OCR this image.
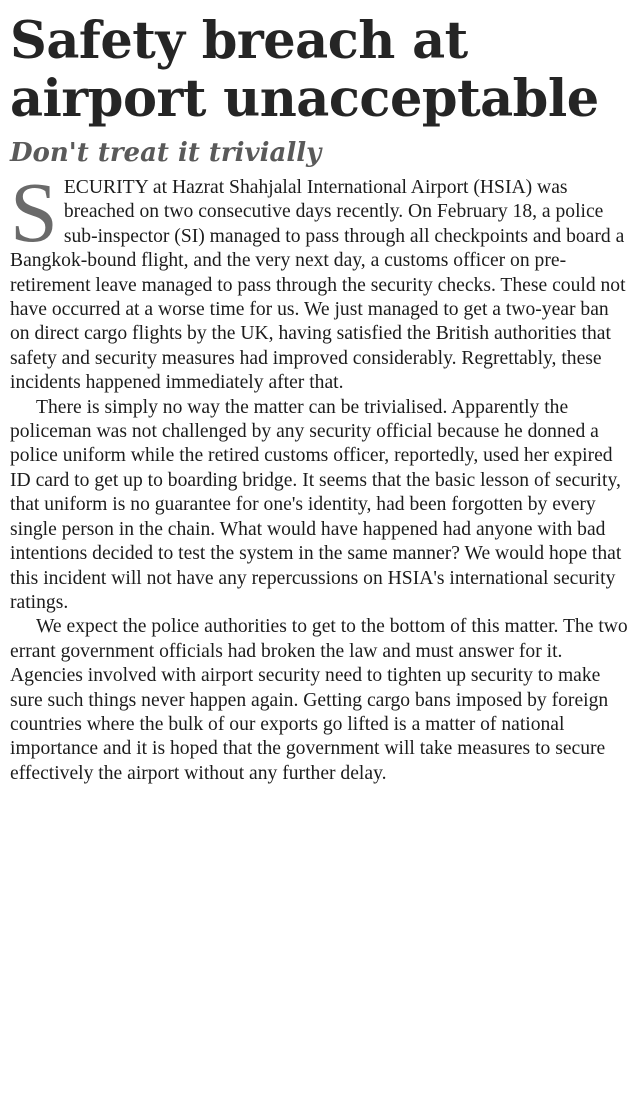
Safety breach at
airport unacceptable
Don't treat it trivially

SECURITY at Hazrat Shahjalal International Airport (HSIA) was breached on two consecutive days recently. On February 18, a police sub-inspector (SI) managed to pass through all checkpoints and board a Bangkok-bound flight, and the very next day, a customs officer on pre-retirement leave managed to pass through the security checks. These could not have occurred at a worse time for us. We just managed to get a two-year ban on direct cargo flights by the UK, having satisfied the British authorities that safety and security measures had improved considerably. Regrettably, these incidents happened immediately after that.

There is simply no way the matter can be trivialised. Apparently the policeman was not challenged by any security official because he donned a police uniform while the retired customs officer, reportedly, used her expired ID card to get up to boarding bridge. It seems that the basic lesson of security, that uniform is no guarantee for one's identity, had been forgotten by every single person in the chain. What would have happened had anyone with bad intentions decided to test the system in the same manner? We would hope that this incident will not have any repercussions on HSIA's international security ratings.

We expect the police authorities to get to the bottom of this matter. The two errant government officials had broken the law and must answer for it. Agencies involved with airport security need to tighten up security to make sure such things never happen again. Getting cargo bans imposed by foreign countries where the bulk of our exports go lifted is a matter of national importance and it is hoped that the government will take measures to secure effectively the airport without any further delay.
